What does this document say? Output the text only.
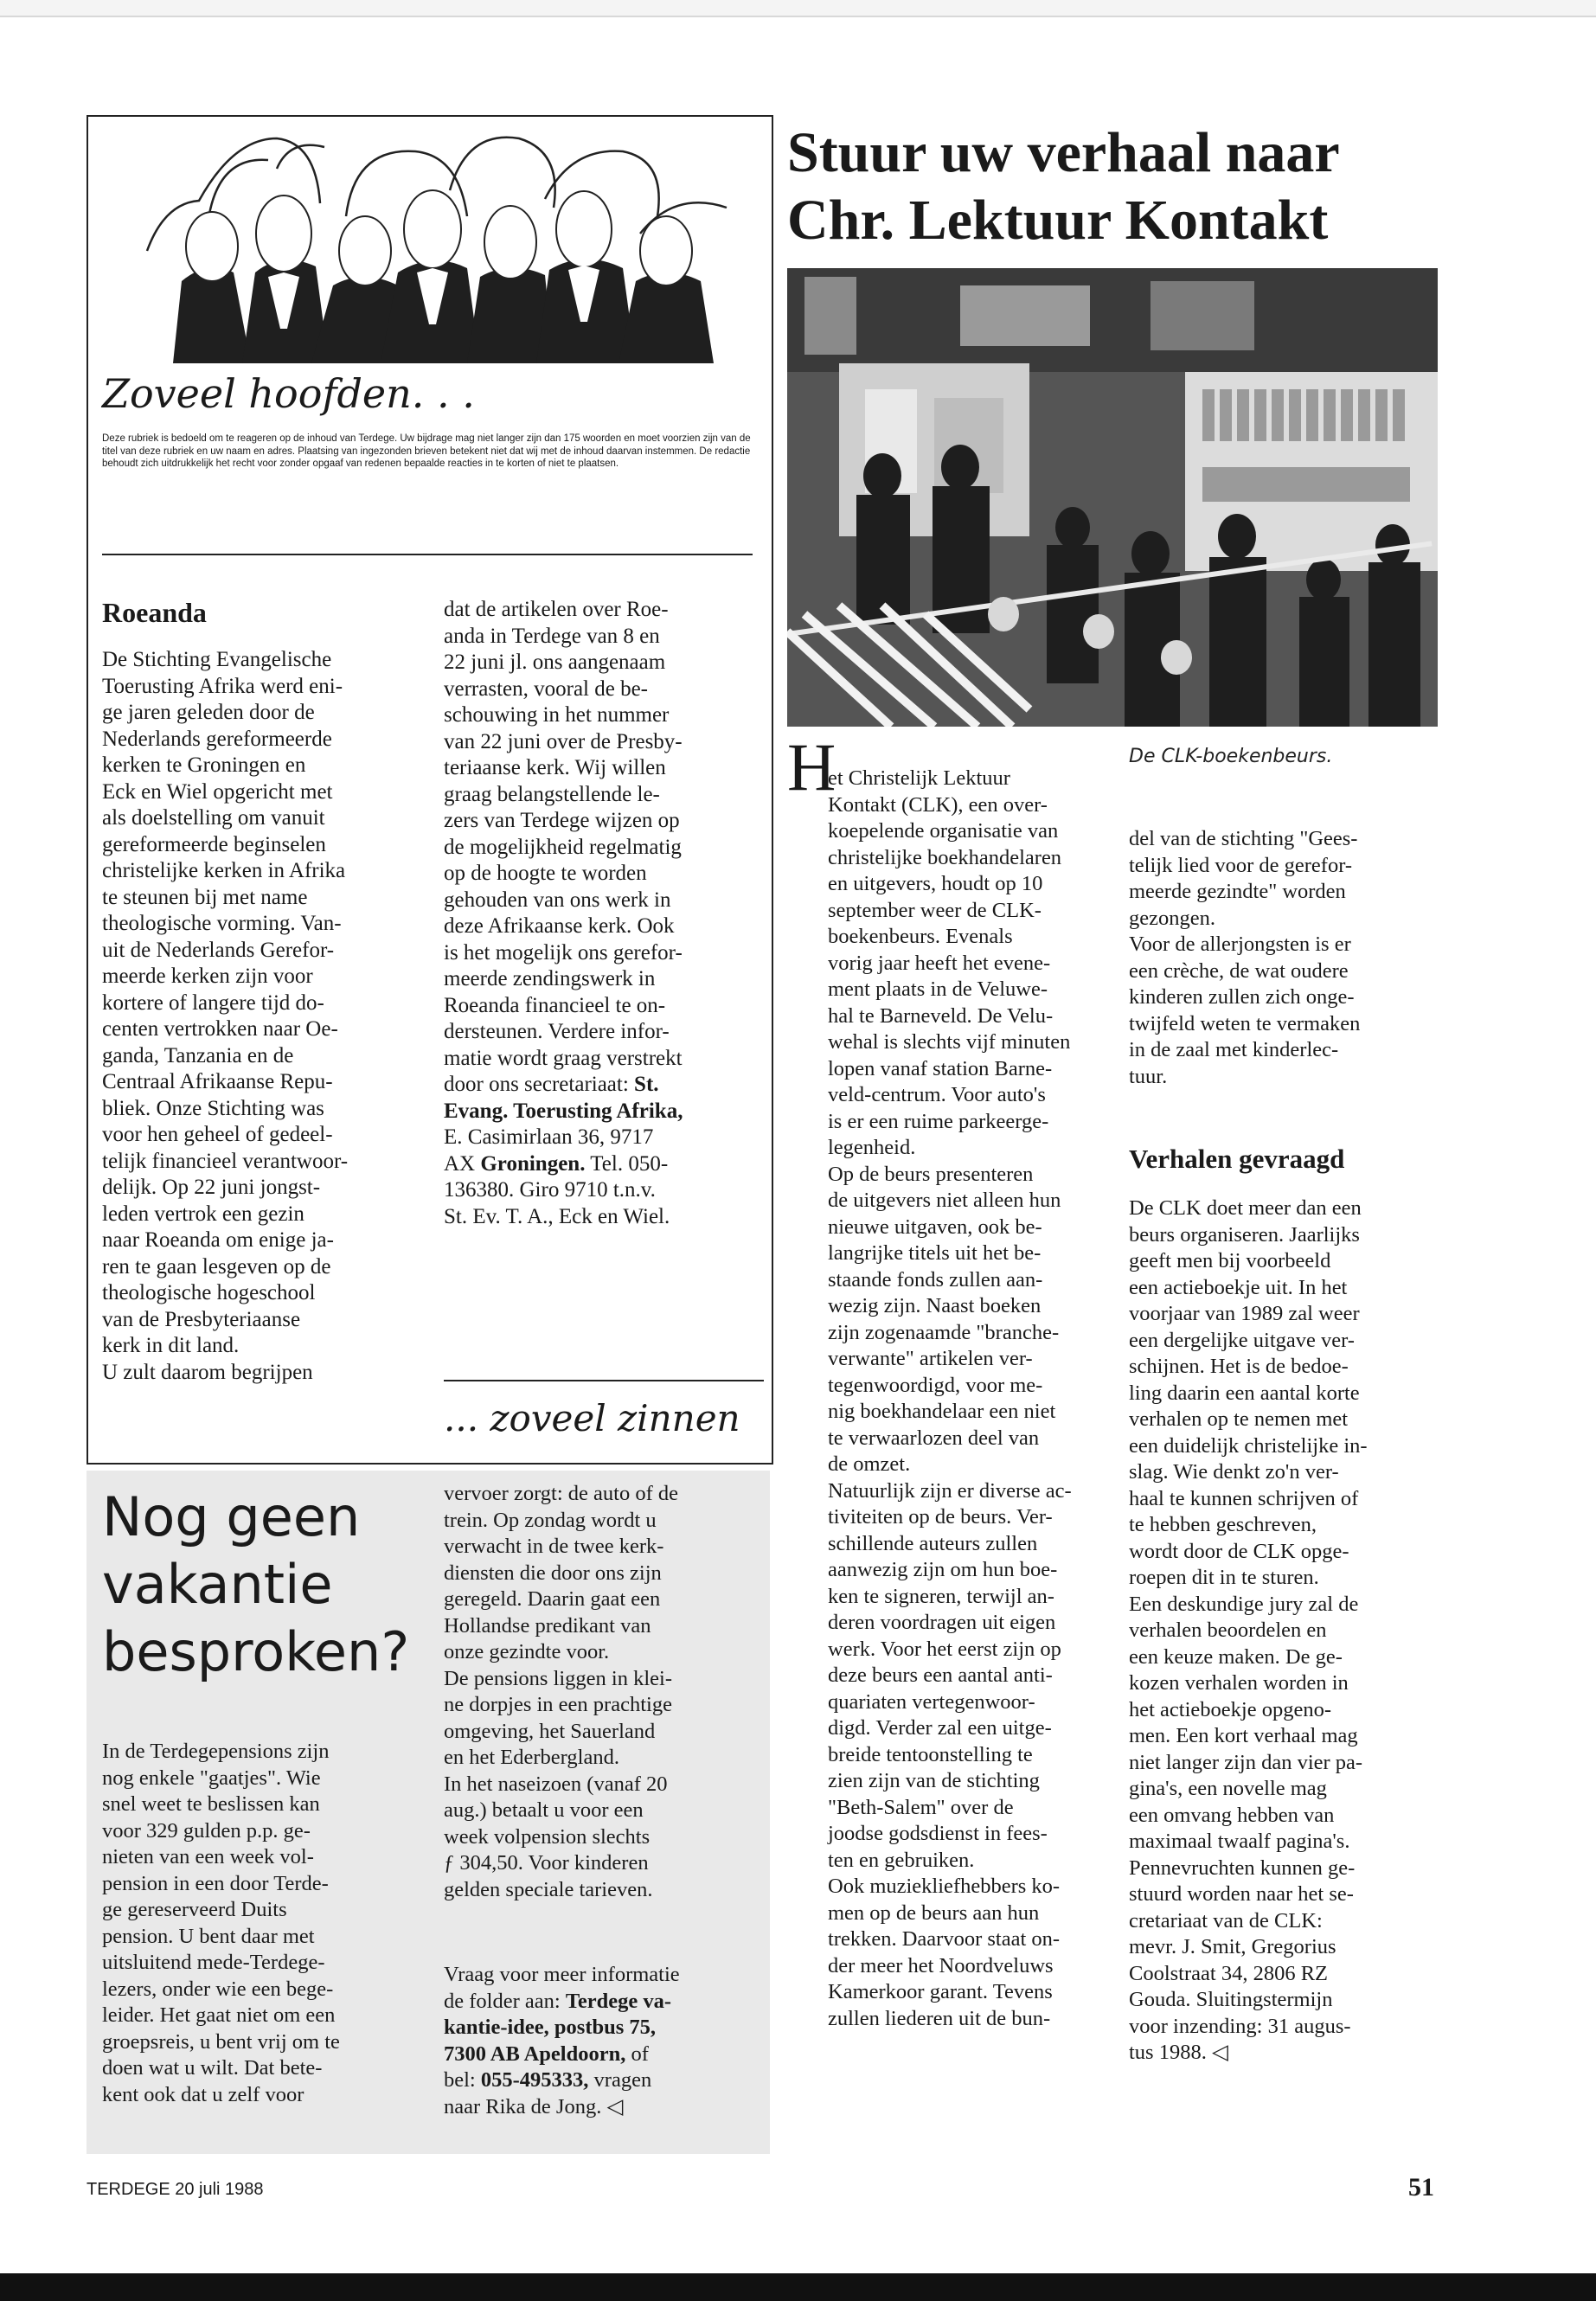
Zoveel hoofden. . .
Deze rubriek is bedoeld om te reageren op de inhoud van Terdege. Uw bijdrage mag niet langer zijn dan 175 woorden en moet voorzien zijn van de titel van deze rubriek en uw naam en adres. Plaatsing van ingezonden brieven betekent niet dat wij met de inhoud daarvan instemmen. De redactie behoudt zich uitdrukkelijk het recht voor zonder opgaaf van redenen bepaalde reacties in te korten of niet te plaatsen.
Roeanda
De Stichting Evangelische
Toerusting Afrika werd eni-
ge jaren geleden door de
Nederlands gereformeerde
kerken te Groningen en
Eck en Wiel opgericht met
als doelstelling om vanuit
gereformeerde beginselen
christelijke kerken in Afrika
te steunen bij met name
theologische vorming. Van-
uit de Nederlands Gerefor-
meerde kerken zijn voor
kortere of langere tijd do-
centen vertrokken naar Oe-
ganda, Tanzania en de
Centraal Afrikaanse Repu-
bliek. Onze Stichting was
voor hen geheel of gedeel-
telijk financieel verantwoor-
delijk. Op 22 juni jongst-
leden vertrok een gezin
naar Roeanda om enige ja-
ren te gaan lesgeven op de
theologische hogeschool
van de Presbyteriaanse
kerk in dit land.
U zult daarom begrijpen
dat de artikelen over Roe-
anda in Terdege van 8 en
22 juni jl. ons aangenaam
verrasten, vooral de be-
schouwing in het nummer
van 22 juni over de Presby-
teriaanse kerk. Wij willen
graag belangstellende le-
zers van Terdege wijzen op
de mogelijkheid regelmatig
op de hoogte te worden
gehouden van ons werk in
deze Afrikaanse kerk. Ook
is het mogelijk ons gerefor-
meerde zendingswerk in
Roeanda financieel te on-
dersteunen. Verdere infor-
matie wordt graag verstrekt
door ons secretariaat: St.
Evang. Toerusting Afrika,
E. Casimirlaan 36, 9717
AX Groningen. Tel. 050-
136380. Giro 9710 t.n.v.
St. Ev. T. A., Eck en Wiel.
... zoveel zinnen
Nog geen
vakantie
besproken?
In de Terdegepensions zijn
nog enkele "gaatjes". Wie
snel weet te beslissen kan
voor 329 gulden p.p. ge-
nieten van een week vol-
pension in een door Terde-
ge gereserveerd Duits
pension. U bent daar met
uitsluitend mede-Terdege-
lezers, onder wie een bege-
leider. Het gaat niet om een
groepsreis, u bent vrij om te
doen wat u wilt. Dat bete-
kent ook dat u zelf voor
vervoer zorgt: de auto of de
trein. Op zondag wordt u
verwacht in de twee kerk-
diensten die door ons zijn
geregeld. Daarin gaat een
Hollandse predikant van
onze gezindte voor.
De pensions liggen in klei-
ne dorpjes in een prachtige
omgeving, het Sauerland
en het Ederbergland.
In het naseizoen (vanaf 20
aug.) betaalt u voor een
week volpension slechts
ƒ 304,50. Voor kinderen
gelden speciale tarieven.
Vraag voor meer informatie
de folder aan: Terdege va-
kantie-idee, postbus 75,
7300 AB Apeldoorn, of
bel: 055-495333, vragen
naar Rika de Jong. ◁
Stuur uw verhaal naar
Chr. Lektuur Kontakt
De CLK-boekenbeurs.
H
et Christelijk Lektuur
Kontakt (CLK), een over-
koepelende organisatie van
christelijke boekhandelaren
en uitgevers, houdt op 10
september weer de CLK-
boekenbeurs. Evenals
vorig jaar heeft het evene-
ment plaats in de Veluwe-
hal te Barneveld. De Velu-
wehal is slechts vijf minuten
lopen vanaf station Barne-
veld-centrum. Voor auto's
is er een ruime parkeerge-
legenheid.
Op de beurs presenteren
de uitgevers niet alleen hun
nieuwe uitgaven, ook be-
langrijke titels uit het be-
staande fonds zullen aan-
wezig zijn. Naast boeken
zijn zogenaamde "branche-
verwante" artikelen ver-
tegenwoordigd, voor me-
nig boekhandelaar een niet
te verwaarlozen deel van
de omzet.
Natuurlijk zijn er diverse ac-
tiviteiten op de beurs. Ver-
schillende auteurs zullen
aanwezig zijn om hun boe-
ken te signeren, terwijl an-
deren voordragen uit eigen
werk. Voor het eerst zijn op
deze beurs een aantal anti-
quariaten vertegenwoor-
digd. Verder zal een uitge-
breide tentoonstelling te
zien zijn van de stichting
"Beth-Salem" over de
joodse godsdienst in fees-
ten en gebruiken.
Ook muziekliefhebbers ko-
men op de beurs aan hun
trekken. Daarvoor staat on-
der meer het Noordveluws
Kamerkoor garant. Tevens
zullen liederen uit de bun-
del van de stichting "Gees-
telijk lied voor de gerefor-
meerde gezindte" worden
gezongen.
Voor de allerjongsten is er
een crèche, de wat oudere
kinderen zullen zich onge-
twijfeld weten te vermaken
in de zaal met kinderlec-
tuur.
Verhalen gevraagd
De CLK doet meer dan een
beurs organiseren. Jaarlijks
geeft men bij voorbeeld
een actieboekje uit. In het
voorjaar van 1989 zal weer
een dergelijke uitgave ver-
schijnen. Het is de bedoe-
ling daarin een aantal korte
verhalen op te nemen met
een duidelijk christelijke in-
slag. Wie denkt zo'n ver-
haal te kunnen schrijven of
te hebben geschreven,
wordt door de CLK opge-
roepen dit in te sturen.
Een deskundige jury zal de
verhalen beoordelen en
een keuze maken. De ge-
kozen verhalen worden in
het actieboekje opgeno-
men. Een kort verhaal mag
niet langer zijn dan vier pa-
gina's, een novelle mag
een omvang hebben van
maximaal twaalf pagina's.
Pennevruchten kunnen ge-
stuurd worden naar het se-
cretariaat van de CLK:
mevr. J. Smit, Gregorius
Coolstraat 34, 2806 RZ
Gouda. Sluitingstermijn
voor inzending: 31 augus-
tus 1988. ◁
TERDEGE 20 juli 1988	51
